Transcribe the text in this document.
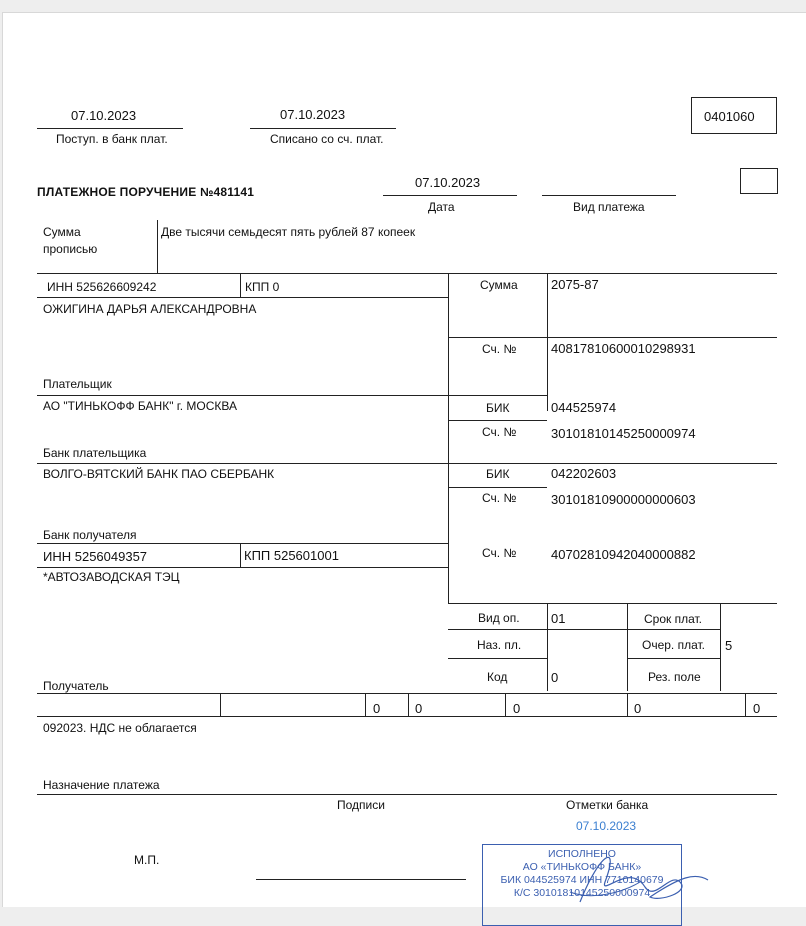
07.10.2023
Поступ. в банк плат.
07.10.2023
Списано со сч. плат.
0401060
ПЛАТЕЖНОЕ ПОРУЧЕНИЕ №481141
07.10.2023
Дата	Вид платежа
Сумма
прописью
Две тысячи семьдесят пять рублей 87 копеек
ИНН 525626609242	КПП 0
ОЖИГИНА ДАРЬЯ АЛЕКСАНДРОВНА
Плательщик
Сумма	2075-87
Сч. №	40817810600010298931
АО "ТИНЬКОФФ БАНК" г. МОСКВА
Банк плательщика
БИК	044525974
Сч. №	30101810145250000974
ВОЛГО-ВЯТСКИЙ БАНК ПАО СБЕРБАНК
Банк получателя
БИК	042202603
Сч. №	30101810900000000603
ИНН 5256049357	КПП 525601001
*АВТОЗАВОДСКАЯ ТЭЦ
Получатель
Сч. №	40702810942040000882
Вид оп. 01
Наз. пл.
Код	0
Срок плат.
Очер. плат. 5
Рез. поле
0	0	0	0	0
092023. НДС не облагается
Назначение платежа
Подписи	Отметки банка
07.10.2023
М.П.	ИСПОЛНЕНО
АО «ТИНЬКОФФ БАНК»
БИК 044525974 ИНН 7710140679
К/С 30101810145250000974
